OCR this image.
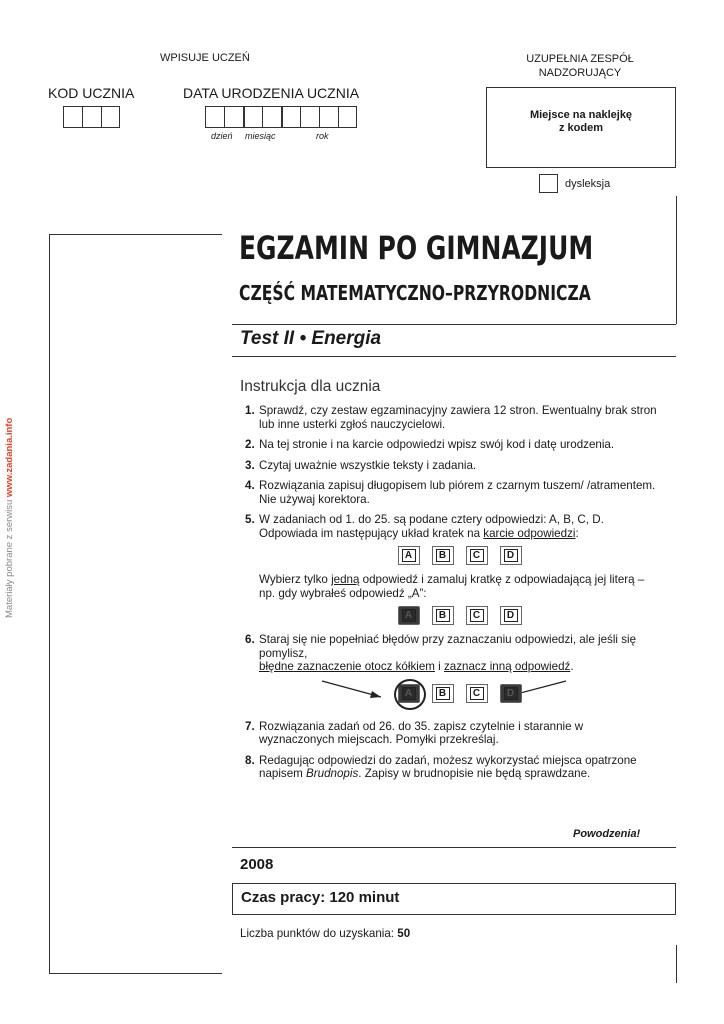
WPISUJE UCZEŃ	UZUPEŁNIA ZESPÓŁ
NADZORUJĄCY
KOD UCZNIA	DATA URODZENIA UCZNIA
dzień miesiąc	rok
Miejsce na naklejkę
z kodem
dysleksja
Materiały pobrane z serwisu www.zadania.info
EGZAMIN PO GIMNAZJUM
CZĘŚĆ MATEMATYCZNO–PRZYRODNICZA
Test II • Energia
Instrukcja dla ucznia
1. Sprawdź, czy zestaw egzaminacyjny zawiera 12 stron. Ewentualny brak stron lub inne usterki zgłoś nauczycielowi.
2. Na tej stronie i na karcie odpowiedzi wpisz swój kod i datę urodzenia.
3. Czytaj uważnie wszystkie teksty i zadania.
4. Rozwiązania zapisuj długopisem lub piórem z czarnym tuszem/ /atramentem. Nie używaj korektora.
5. W zadaniach od 1. do 25. są podane cztery odpowiedzi: A, B, C, D. Odpowiada im następujący układ kratek na karcie odpowiedzi:
A	B	C	D
Wybierz tylko jedną odpowiedź i zamaluj kratkę z odpowiadającą jej literą – np. gdy wybrałeś odpowiedź „A”:
A	B	C	D
6. Staraj się nie popełniać błędów przy zaznaczaniu odpowiedzi, ale jeśli się pomylisz,
błędne zaznaczenie otocz kółkiem i zaznacz inną odpowiedź.
A	B	C	D
7. Rozwiązania zadań od 26. do 35. zapisz czytelnie i starannie w wyznaczonych miejscach. Pomyłki przekreślaj.
8. Redagując odpowiedzi do zadań, możesz wykorzystać miejsca opatrzone napisem Brudnopis. Zapisy w brudnopisie nie będą sprawdzane.
Powodzenia!
2008
Czas pracy: 120 minut
Liczba punktów do uzyskania: 50
